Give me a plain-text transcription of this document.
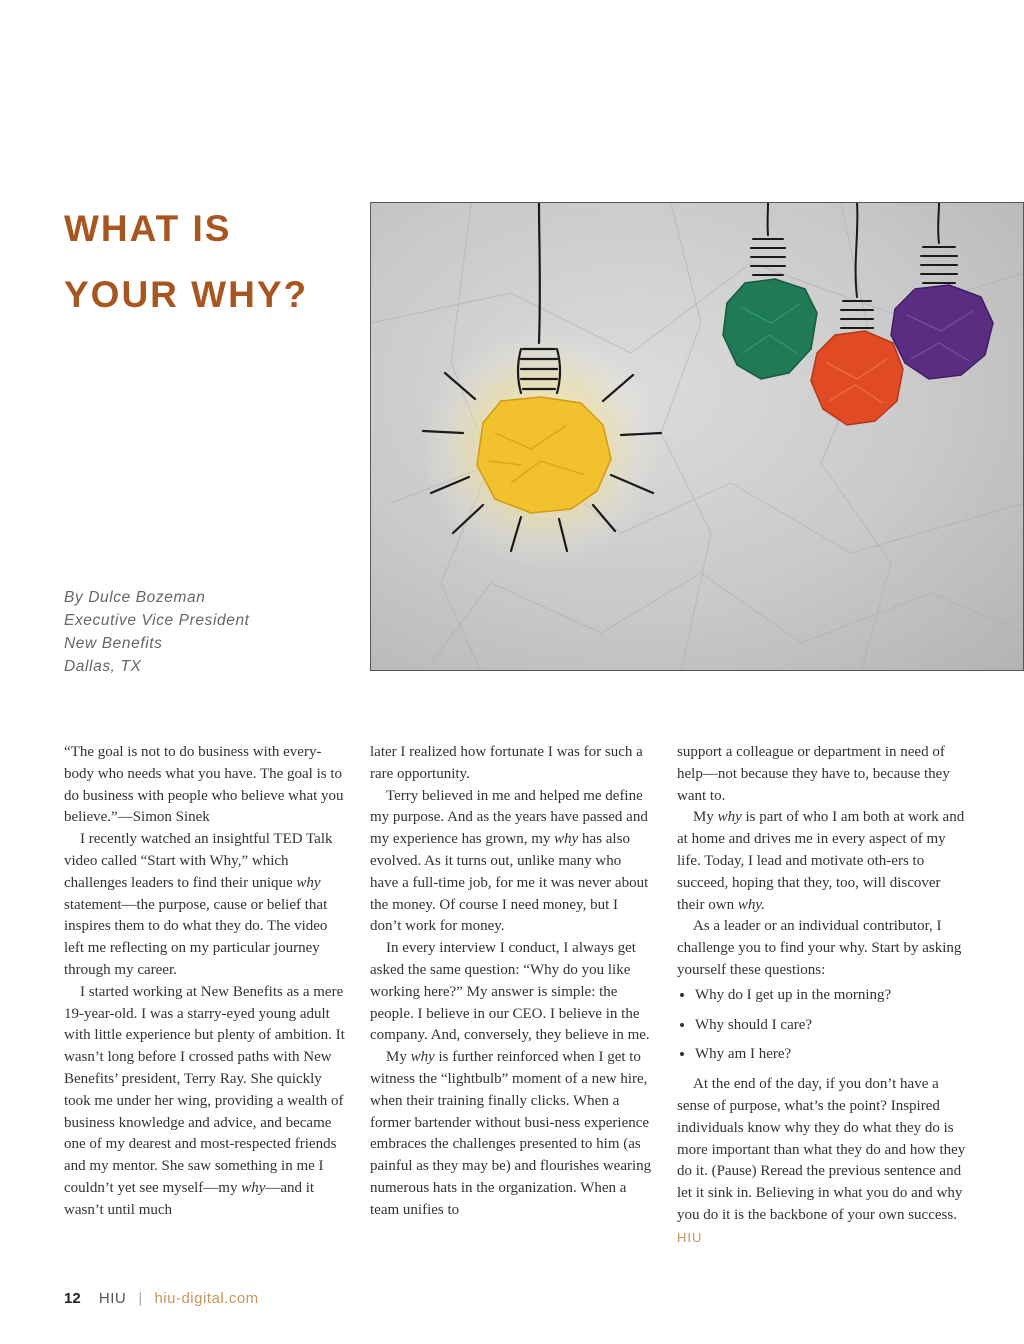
WHAT IS
YOUR WHY?
By Dulce Bozeman
Executive Vice President
New Benefits
Dallas, TX

“The goal is not to do business with every-body who needs what you have. The goal is to do business with people who believe what you believe.”—Simon Sinek

I recently watched an insightful TED Talk video called “Start with Why,” which challenges leaders to find their unique why statement—the purpose, cause or belief that inspires them to do what they do. The video left me reflecting on my particular journey through my career.

I started working at New Benefits as a mere 19-year-old. I was a starry-eyed young adult with little experience but plenty of ambition. It wasn’t long before I crossed paths with New Benefits’ president, Terry Ray. She quickly took me under her wing, providing a wealth of business knowledge and advice, and became one of my dearest and most-respected friends and my mentor. She saw something in me I couldn’t yet see myself—my why—and it wasn’t until much

later I realized how fortunate I was for such a rare opportunity.

Terry believed in me and helped me define my purpose. And as the years have passed and my experience has grown, my why has also evolved. As it turns out, unlike many who have a full-time job, for me it was never about the money. Of course I need money, but I don’t work for money.

In every interview I conduct, I always get asked the same question: “Why do you like working here?” My answer is simple: the people. I believe in our CEO. I believe in the company. And, conversely, they believe in me.

My why is further reinforced when I get to witness the “lightbulb” moment of a new hire, when their training finally clicks. When a former bartender without busi-ness experience embraces the challenges presented to him (as painful as they may be) and flourishes wearing numerous hats in the organization. When a team unifies to

support a colleague or department in need of help—not because they have to, because they want to.

My why is part of who I am both at work and at home and drives me in every aspect of my life. Today, I lead and motivate oth-ers to succeed, hoping that they, too, will discover their own why.

As a leader or an individual contributor, I challenge you to find your why. Start by asking yourself these questions:

• Why do I get up in the morning?
• Why should I care?
• Why am I here?

At the end of the day, if you don’t have a sense of purpose, what’s the point? Inspired individuals know why they do what they do is more important than what they do and how they do it. (Pause) Reread the previous sentence and let it sink in. Believing in what you do and why you do it is the backbone of your own success. HIU

12 HIU | hiu-digital.com
